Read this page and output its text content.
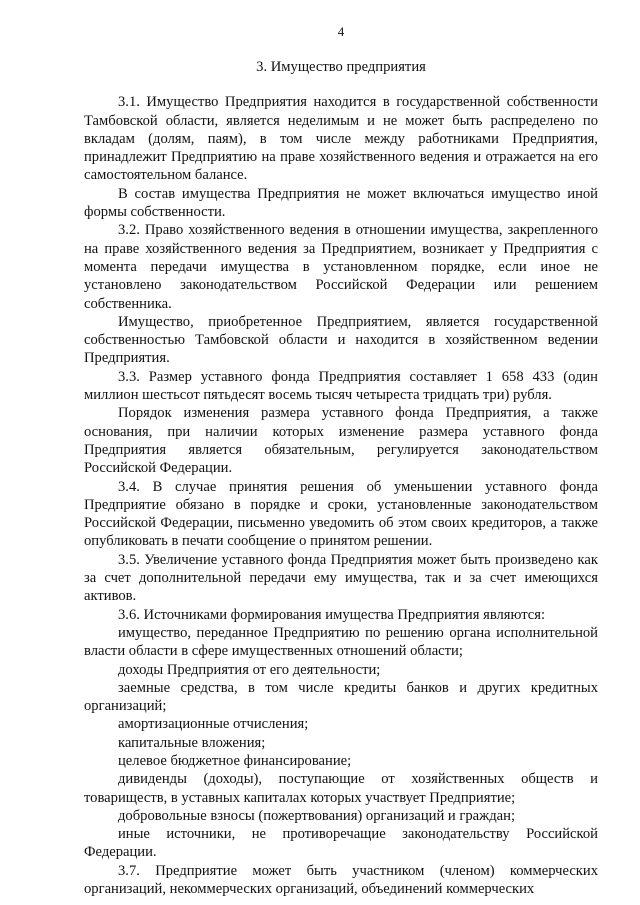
4
3. Имущество предприятия

3.1. Имущество Предприятия находится в государственной собственности Тамбовской области, является неделимым и не может быть распределено по вкладам (долям, паям), в том числе между работниками Предприятия, принадлежит Предприятию на праве хозяйственного ведения и отражается на его самостоятельном балансе.

В состав имущества Предприятия не может включаться имущество иной формы собственности.

3.2. Право хозяйственного ведения в отношении имущества, закрепленного на праве хозяйственного ведения за Предприятием, возникает у Предприятия с момента передачи имущества в установленном порядке, если иное не установлено законодательством Российской Федерации или решением собственника.

Имущество, приобретенное Предприятием, является государственной собственностью Тамбовской области и находится в хозяйственном ведении Предприятия.

3.3. Размер уставного фонда Предприятия составляет 1 658 433 (один миллион шестьсот пятьдесят восемь тысяч четыреста тридцать три) рубля.

Порядок изменения размера уставного фонда Предприятия, а также основания, при наличии которых изменение размера уставного фонда Предприятия является обязательным, регулируется законодательством Российской Федерации.

3.4. В случае принятия решения об уменьшении уставного фонда Предприятие обязано в порядке и сроки, установленные законодательством Российской Федерации, письменно уведомить об этом своих кредиторов, а также опубликовать в печати сообщение о принятом решении.

3.5. Увеличение уставного фонда Предприятия может быть произведено как за счет дополнительной передачи ему имущества, так и за счет имеющихся активов.

3.6. Источниками формирования имущества Предприятия являются:

имущество, переданное Предприятию по решению органа исполнительной власти области в сфере имущественных отношений области;

доходы Предприятия от его деятельности;

заемные средства, в том числе кредиты банков и других кредитных организаций;

амортизационные отчисления;

капитальные вложения;

целевое бюджетное финансирование;

дивиденды (доходы), поступающие от хозяйственных обществ и товариществ, в уставных капиталах которых участвует Предприятие;

добровольные взносы (пожертвования) организаций и граждан;

иные источники, не противоречащие законодательству Российской Федерации.

3.7. Предприятие может быть участником (членом) коммерческих организаций, некоммерческих организаций, объединений коммерческих
